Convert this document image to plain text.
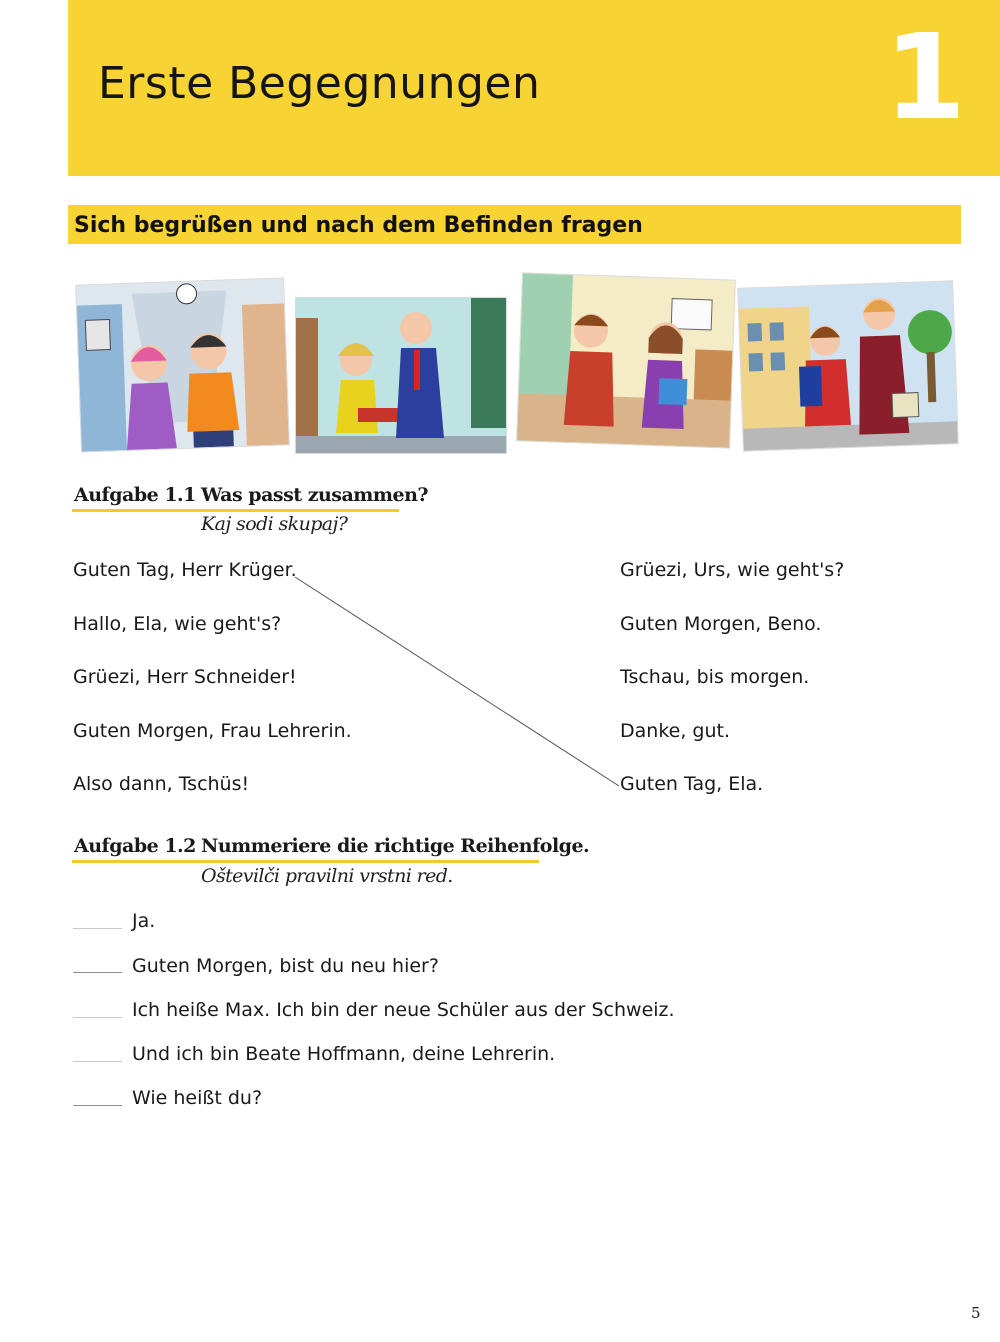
Erste Begegnungen	1
Sich begrüßen und nach dem Befinden fragen
Aufgabe 1.1 Was passt zusammen?
Kaj sodi skupaj?
Guten Tag, Herr Krüger.
Hallo, Ela, wie geht's?
Grüezi, Herr Schneider!
Guten Morgen, Frau Lehrerin.
Also dann, Tschüs!
Grüezi, Urs, wie geht's?
Guten Morgen, Beno.
Tschau, bis morgen.
Danke, gut.
Guten Tag, Ela.
Aufgabe 1.2 Nummeriere die richtige Reihenfolge.
Oštevilči pravilni vrstni red.
Ja.
Guten Morgen, bist du neu hier?
Ich heiße Max. Ich bin der neue Schüler aus der Schweiz.
Und ich bin Beate Hoffmann, deine Lehrerin.
Wie heißt du?
5
